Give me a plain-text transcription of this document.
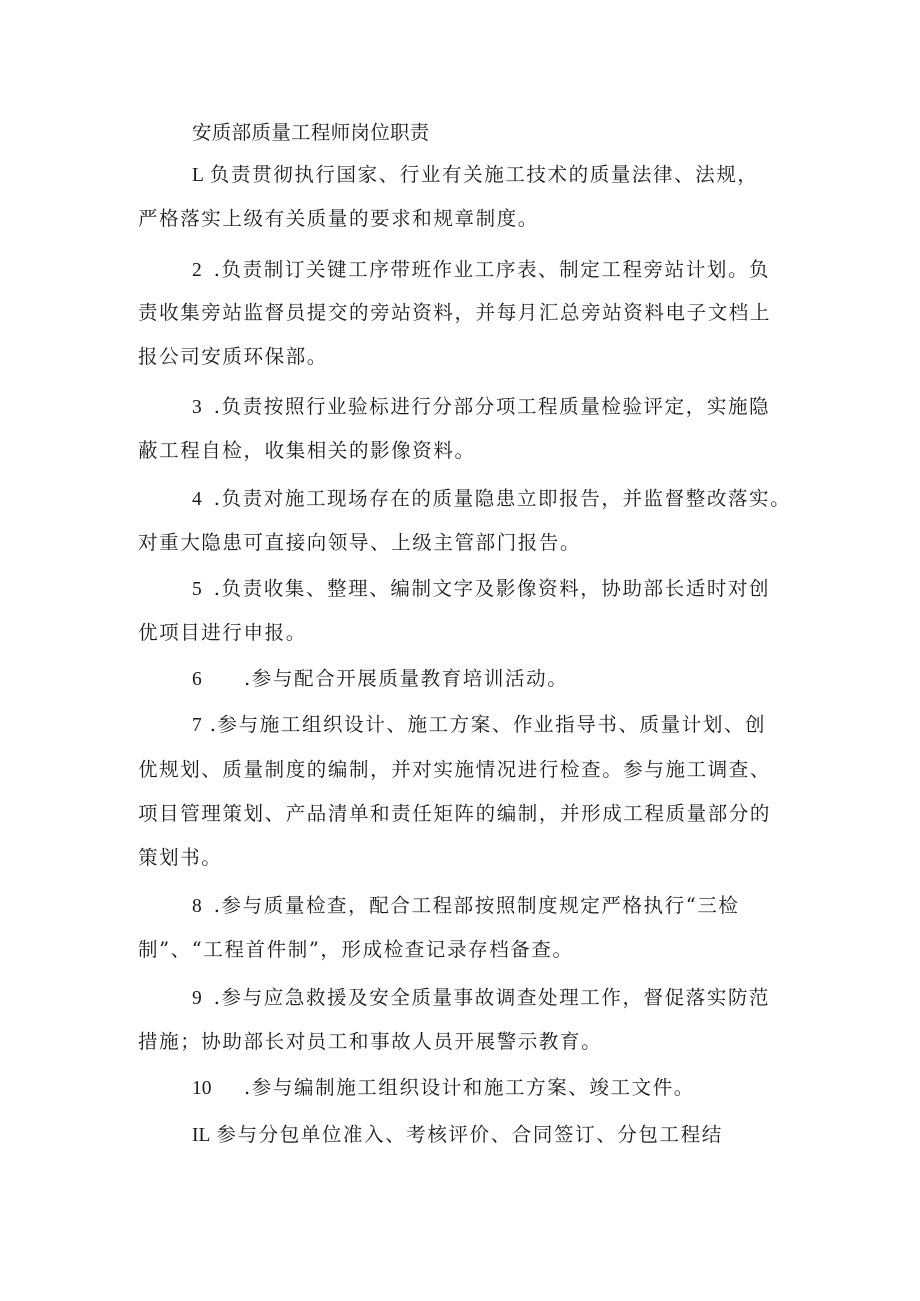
安质部质量工程师岗位职责
L 负责贯彻执行国家、行业有关施工技术的质量法律、法规，
严格落实上级有关质量的要求和规章制度。
2 .负责制订关键工序带班作业工序表、制定工程旁站计划。负
责收集旁站监督员提交的旁站资料，并每月汇总旁站资料电子文档上
报公司安质环保部。
3 .负责按照行业验标进行分部分项工程质量检验评定，实施隐
蔽工程自检，收集相关的影像资料。
4 .负责对施工现场存在的质量隐患立即报告，并监督整改落实。
对重大隐患可直接向领导、上级主管部门报告。
5 .负责收集、整理、编制文字及影像资料，协助部长适时对创
优项目进行申报。
6 .参与配合开展质量教育培训活动。
7 .参与施工组织设计、施工方案、作业指导书、质量计划、创
优规划、质量制度的编制，并对实施情况进行检查。参与施工调查、
项目管理策划、产品清单和责任矩阵的编制，并形成工程质量部分的
策划书。
8 .参与质量检查，配合工程部按照制度规定严格执行“三检
制”、“工程首件制”，形成检查记录存档备查。
9 .参与应急救援及安全质量事故调查处理工作，督促落实防范
措施；协助部长对员工和事故人员开展警示教育。
10 .参与编制施工组织设计和施工方案、竣工文件。
IL 参与分包单位准入、考核评价、合同签订、分包工程结
